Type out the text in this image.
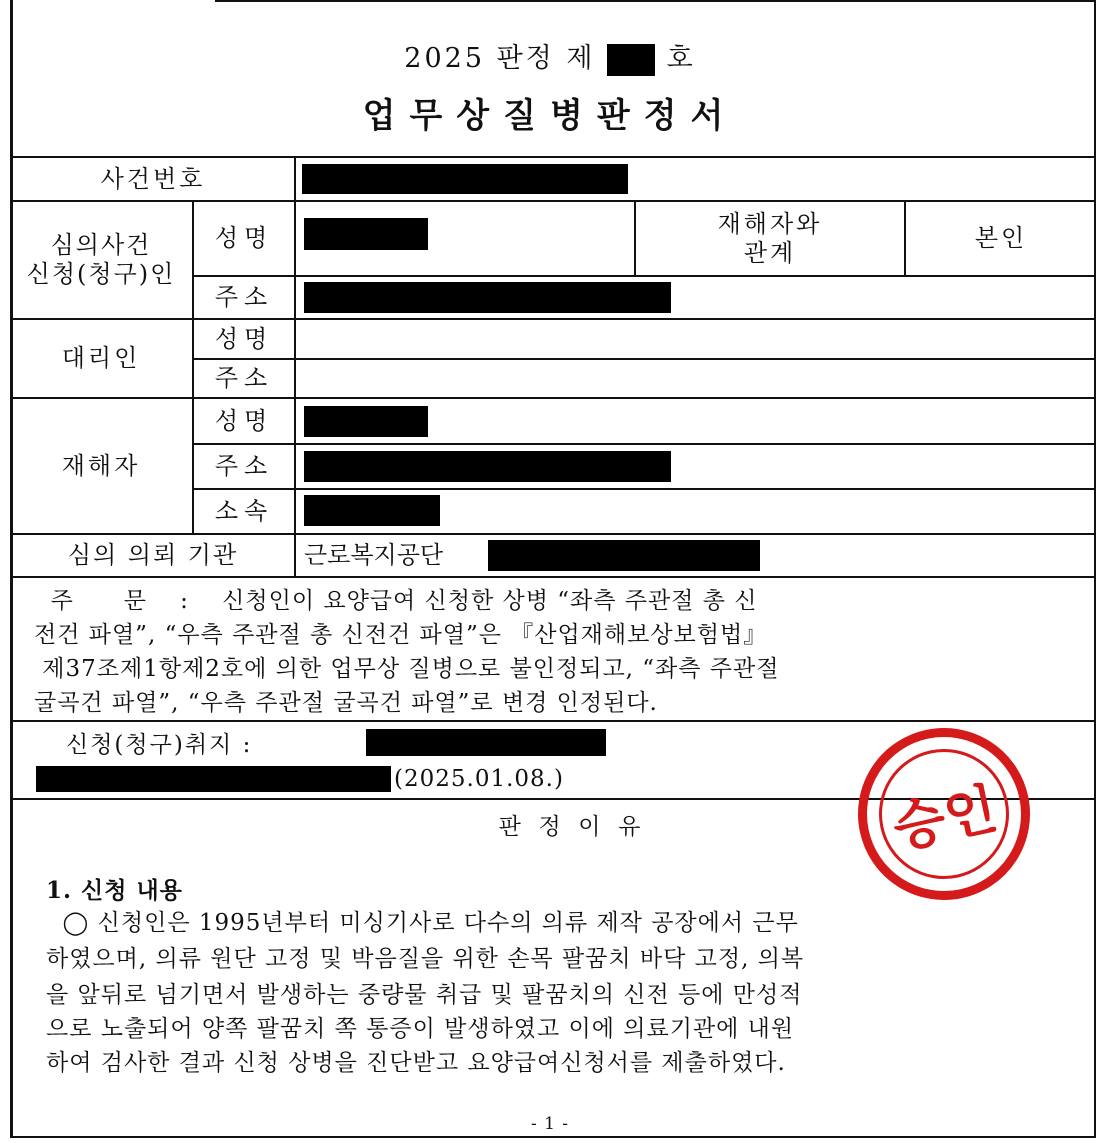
2025 판정 제	호
업무상질병판정서
사건번호
심의사건
신청(청구)인
성명
재해자와
관계
본인
주소
대리인
성명
주소
재해자
성명
주소
소속
심의 의뢰 기관	근로복지공단
주      문    :    신청인이 요양급여 신청한 상병 “좌측 주관절 총 신
전건 파열”, “우측 주관절 총 신전건 파열”은 『산업재해보상보험법』
제37조제1항제2호에 의한 업무상 질병으로 불인정되고, “좌측 주관절
굴곡건 파열”, “우측 주관절 굴곡건 파열”로 변경 인정된다.
신청(청구)취지 :
(2025.01.08.)
판  정  이  유
1. 신청 내용
◯ 신청인은 1995년부터 미싱기사로 다수의 의류 제작 공장에서 근무
하였으며, 의류 원단 고정 및 박음질을 위한 손목 팔꿈치 바닥 고정, 의복
을 앞뒤로 넘기면서 발생하는 중량물 취급 및 팔꿈치의 신전 등에 만성적
으로 노출되어 양쪽 팔꿈치 쪽 통증이 발생하였고 이에 의료기관에 내원
하여 검사한 결과 신청 상병을 진단받고 요양급여신청서를 제출하였다.
- 1 -
승인
